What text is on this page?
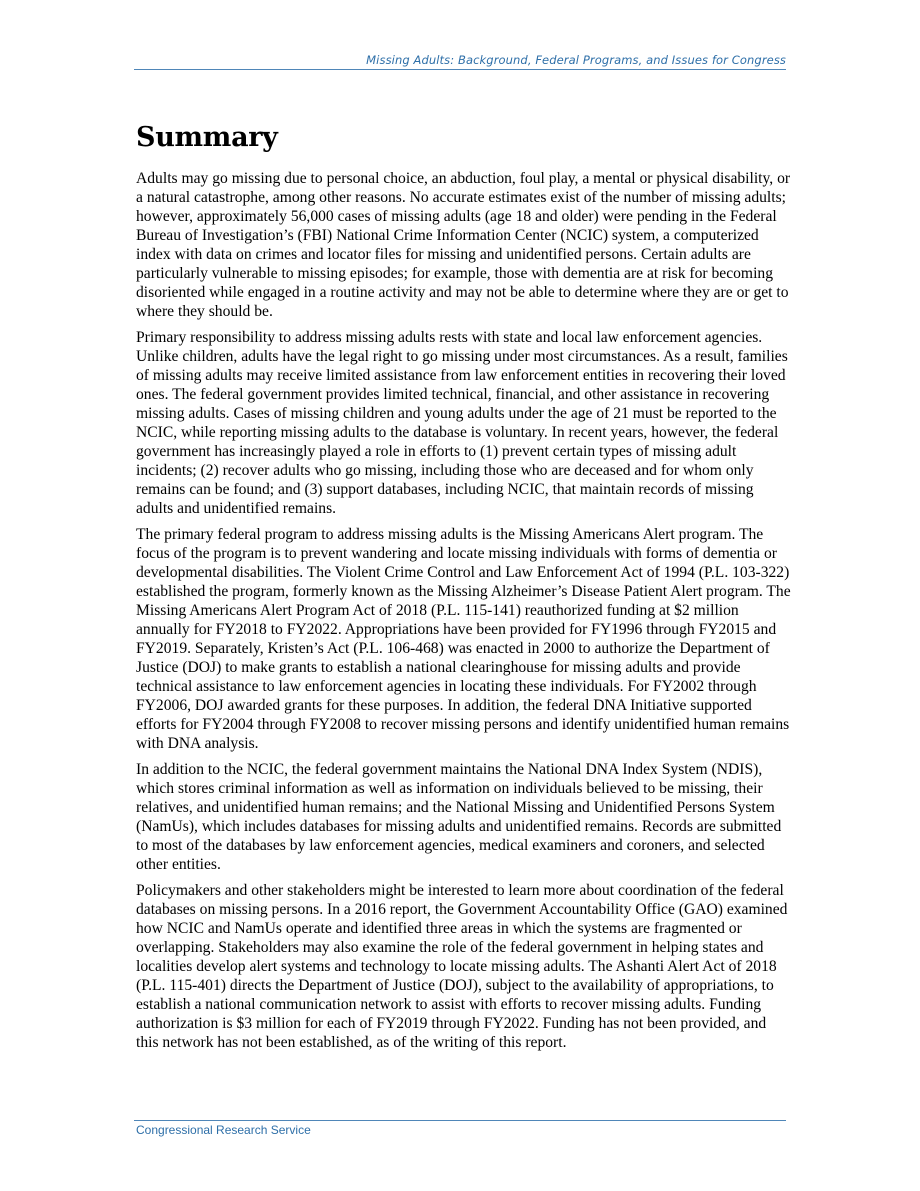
Missing Adults: Background, Federal Programs, and Issues for Congress
Summary

Adults may go missing due to personal choice, an abduction, foul play, a mental or physical disability, or a natural catastrophe, among other reasons. No accurate estimates exist of the number of missing adults; however, approximately 56,000 cases of missing adults (age 18 and older) were pending in the Federal Bureau of Investigation’s (FBI) National Crime Information Center (NCIC) system, a computerized index with data on crimes and locator files for missing and unidentified persons. Certain adults are particularly vulnerable to missing episodes; for example, those with dementia are at risk for becoming disoriented while engaged in a routine activity and may not be able to determine where they are or get to where they should be.

Primary responsibility to address missing adults rests with state and local law enforcement agencies. Unlike children, adults have the legal right to go missing under most circumstances. As a result, families of missing adults may receive limited assistance from law enforcement entities in recovering their loved ones. The federal government provides limited technical, financial, and other assistance in recovering missing adults. Cases of missing children and young adults under the age of 21 must be reported to the NCIC, while reporting missing adults to the database is voluntary. In recent years, however, the federal government has increasingly played a role in efforts to (1) prevent certain types of missing adult incidents; (2) recover adults who go missing, including those who are deceased and for whom only remains can be found; and (3) support databases, including NCIC, that maintain records of missing adults and unidentified remains.

The primary federal program to address missing adults is the Missing Americans Alert program. The focus of the program is to prevent wandering and locate missing individuals with forms of dementia or developmental disabilities. The Violent Crime Control and Law Enforcement Act of 1994 (P.L. 103-322) established the program, formerly known as the Missing Alzheimer’s Disease Patient Alert program. The Missing Americans Alert Program Act of 2018 (P.L. 115-141) reauthorized funding at $2 million annually for FY2018 to FY2022. Appropriations have been provided for FY1996 through FY2015 and FY2019. Separately, Kristen’s Act (P.L. 106-468) was enacted in 2000 to authorize the Department of Justice (DOJ) to make grants to establish a national clearinghouse for missing adults and provide technical assistance to law enforcement agencies in locating these individuals. For FY2002 through FY2006, DOJ awarded grants for these purposes. In addition, the federal DNA Initiative supported efforts for FY2004 through FY2008 to recover missing persons and identify unidentified human remains with DNA analysis.

In addition to the NCIC, the federal government maintains the National DNA Index System (NDIS), which stores criminal information as well as information on individuals believed to be missing, their relatives, and unidentified human remains; and the National Missing and Unidentified Persons System (NamUs), which includes databases for missing adults and unidentified remains. Records are submitted to most of the databases by law enforcement agencies, medical examiners and coroners, and selected other entities.

Policymakers and other stakeholders might be interested to learn more about coordination of the federal databases on missing persons. In a 2016 report, the Government Accountability Office (GAO) examined how NCIC and NamUs operate and identified three areas in which the systems are fragmented or overlapping. Stakeholders may also examine the role of the federal government in helping states and localities develop alert systems and technology to locate missing adults. The Ashanti Alert Act of 2018 (P.L. 115-401) directs the Department of Justice (DOJ), subject to the availability of appropriations, to establish a national communication network to assist with efforts to recover missing adults. Funding authorization is $3 million for each of FY2019 through FY2022. Funding has not been provided, and this network has not been established, as of the writing of this report.

Congressional Research Service
